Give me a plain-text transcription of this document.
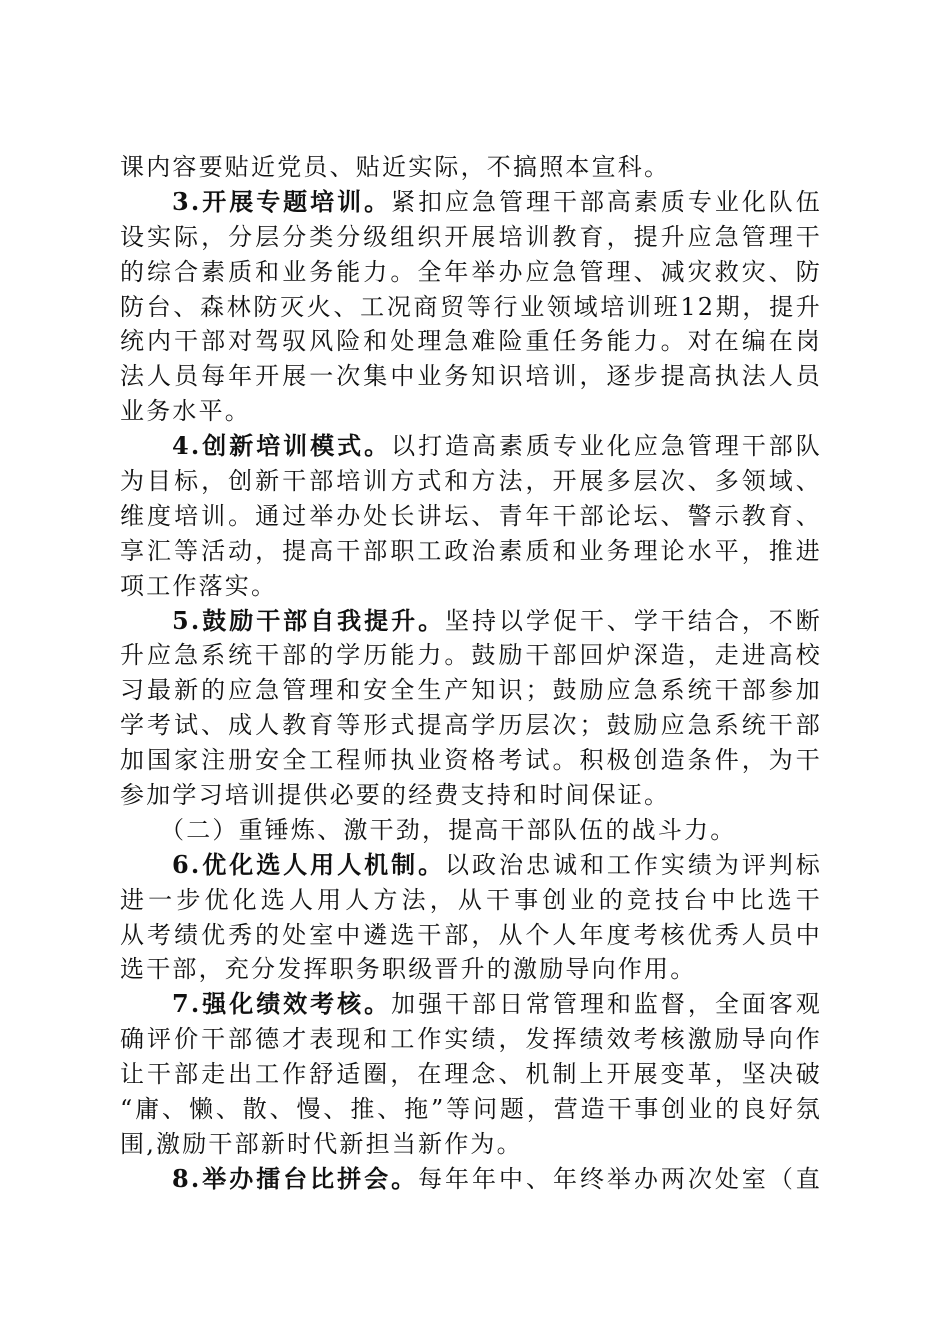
课内容要贴近党员、贴近实际，不搞照本宣科。
3.开展专题培训。紧扣应急管理干部高素质专业化队伍
设实际，分层分类分级组织开展培训教育，提升应急管理干
的综合素质和业务能力。全年举办应急管理、减灾救灾、防
防台、森林防灭火、工况商贸等行业领域培训班12期，提升
统内干部对驾驭风险和处理急难险重任务能力。对在编在岗
法人员每年开展一次集中业务知识培训，逐步提高执法人员
业务水平。
4.创新培训模式。以打造高素质专业化应急管理干部队
为目标，创新干部培训方式和方法，开展多层次、多领域、
维度培训。通过举办处长讲坛、青年干部论坛、警示教育、
享汇等活动，提高干部职工政治素质和业务理论水平，推进
项工作落实。
5.鼓励干部自我提升。坚持以学促干、学干结合，不断
升应急系统干部的学历能力。鼓励干部回炉深造，走进高校
习最新的应急管理和安全生产知识；鼓励应急系统干部参加
学考试、成人教育等形式提高学历层次；鼓励应急系统干部
加国家注册安全工程师执业资格考试。积极创造条件，为干
参加学习培训提供必要的经费支持和时间保证。
（二）重锤炼、激干劲，提高干部队伍的战斗力。
6.优化选人用人机制。以政治忠诚和工作实绩为评判标
进一步优化选人用人方法，从干事创业的竞技台中比选干
从考绩优秀的处室中遴选干部，从个人年度考核优秀人员中
选干部，充分发挥职务职级晋升的激励导向作用。
7.强化绩效考核。加强干部日常管理和监督，全面客观
确评价干部德才表现和工作实绩，发挥绩效考核激励导向作
让干部走出工作舒适圈，在理念、机制上开展变革，坚决破
“庸、懒、散、慢、推、拖”等问题，营造干事创业的良好氛
围,激励干部新时代新担当新作为。
8.举办擂台比拼会。每年年中、年终举办两次处室（直
